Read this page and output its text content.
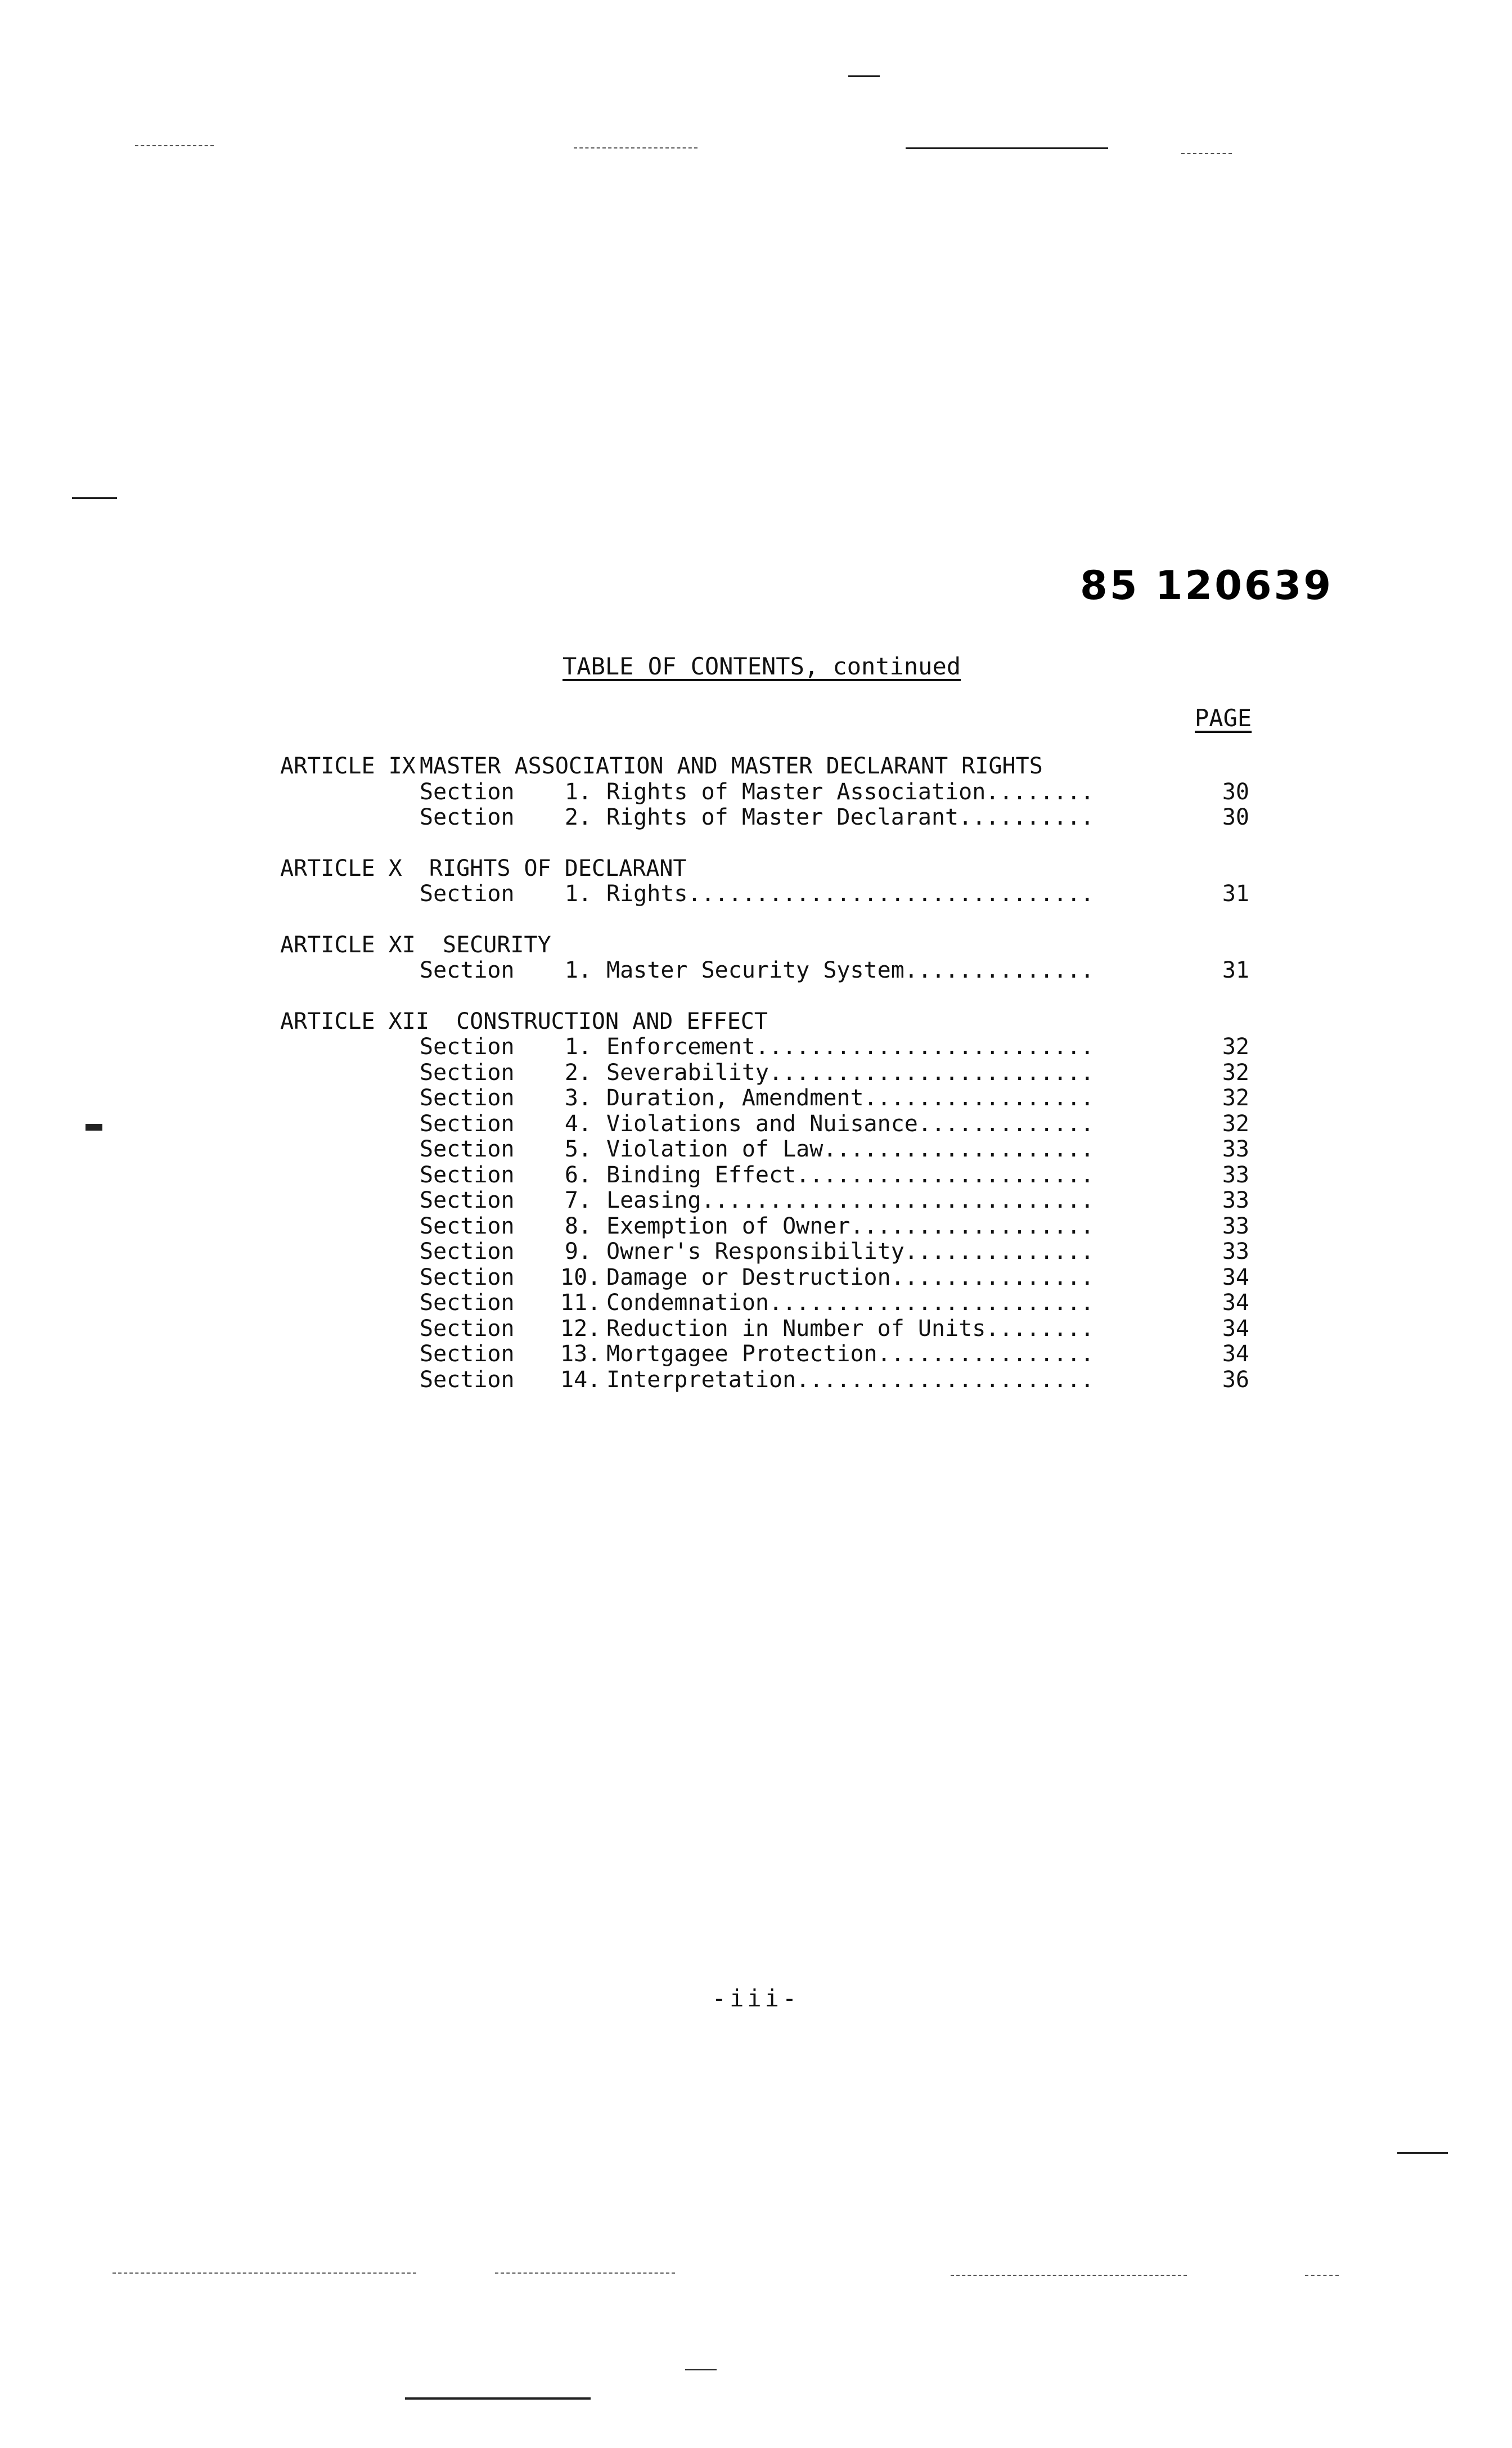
85 120639
TABLE OF CONTENTS, continued
PAGE
ARTICLE IX MASTER ASSOCIATION AND MASTER DECLARANT RIGHTS
Section	1. Rights of Master Association........	30
Section	2. Rights of Master Declarant..........	30
ARTICLE X RIGHTS OF DECLARANT
Section	1. Rights..............................	31
ARTICLE XI SECURITY
Section	1. Master Security System..............	31
ARTICLE XII CONSTRUCTION AND EFFECT
Section	1. Enforcement.........................	32
Section	2. Severability........................	32
Section	3. Duration, Amendment.................	32
Section	4. Violations and Nuisance.............	32
Section	5. Violation of Law....................	33
Section	6. Binding Effect......................	33
Section	7. Leasing.............................	33
Section	8. Exemption of Owner..................	33
Section	9. Owner's Responsibility..............	33
Section	10. Damage or Destruction...............	34
Section	11. Condemnation........................	34
Section	12. Reduction in Number of Units........	34
Section	13. Mortgagee Protection................	34
Section	14. Interpretation......................	36
-iii-
